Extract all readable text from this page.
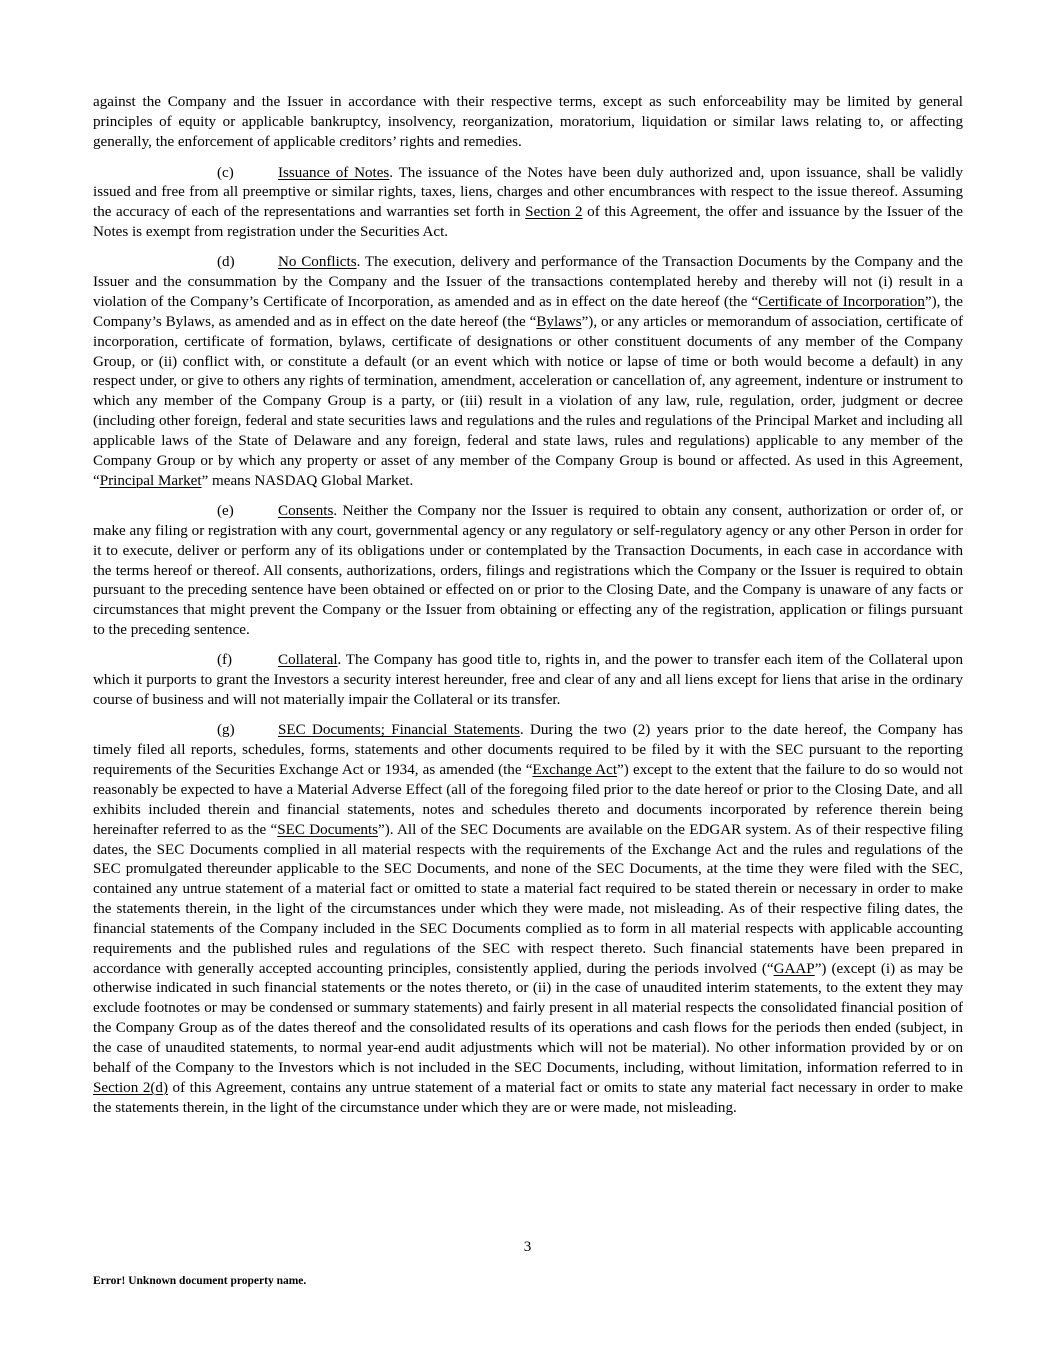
against the Company and the Issuer in accordance with their respective terms, except as such enforceability may be limited by general principles of equity or applicable bankruptcy, insolvency, reorganization, moratorium, liquidation or similar laws relating to, or affecting generally, the enforcement of applicable creditors’ rights and remedies.

(c)	Issuance of Notes. The issuance of the Notes have been duly authorized and, upon issuance, shall be validly issued and free from all preemptive or similar rights, taxes, liens, charges and other encumbrances with respect to the issue thereof. Assuming the accuracy of each of the representations and warranties set forth in Section 2 of this Agreement, the offer and issuance by the Issuer of the Notes is exempt from registration under the Securities Act.

(d)	No Conflicts. The execution, delivery and performance of the Transaction Documents by the Company and the Issuer and the consummation by the Company and the Issuer of the transactions contemplated hereby and thereby will not (i) result in a violation of the Company’s Certificate of Incorporation, as amended and as in effect on the date hereof (the “Certificate of Incorporation”), the Company’s Bylaws, as amended and as in effect on the date hereof (the “Bylaws”), or any articles or memorandum of association, certificate of incorporation, certificate of formation, bylaws, certificate of designations or other constituent documents of any member of the Company Group, or (ii) conflict with, or constitute a default (or an event which with notice or lapse of time or both would become a default) in any respect under, or give to others any rights of termination, amendment, acceleration or cancellation of, any agreement, indenture or instrument to which any member of the Company Group is a party, or (iii) result in a violation of any law, rule, regulation, order, judgment or decree (including other foreign, federal and state securities laws and regulations and the rules and regulations of the Principal Market and including all applicable laws of the State of Delaware and any foreign, federal and state laws, rules and regulations) applicable to any member of the Company Group or by which any property or asset of any member of the Company Group is bound or affected. As used in this Agreement, “Principal Market” means NASDAQ Global Market.

(e)	Consents. Neither the Company nor the Issuer is required to obtain any consent, authorization or order of, or make any filing or registration with any court, governmental agency or any regulatory or self-regulatory agency or any other Person in order for it to execute, deliver or perform any of its obligations under or contemplated by the Transaction Documents, in each case in accordance with the terms hereof or thereof. All consents, authorizations, orders, filings and registrations which the Company or the Issuer is required to obtain pursuant to the preceding sentence have been obtained or effected on or prior to the Closing Date, and the Company is unaware of any facts or circumstances that might prevent the Company or the Issuer from obtaining or effecting any of the registration, application or filings pursuant to the preceding sentence.

(f)	Collateral. The Company has good title to, rights in, and the power to transfer each item of the Collateral upon which it purports to grant the Investors a security interest hereunder, free and clear of any and all liens except for liens that arise in the ordinary course of business and will not materially impair the Collateral or its transfer.

(g)	SEC Documents; Financial Statements. During the two (2) years prior to the date hereof, the Company has timely filed all reports, schedules, forms, statements and other documents required to be filed by it with the SEC pursuant to the reporting requirements of the Securities Exchange Act or 1934, as amended (the “Exchange Act”) except to the extent that the failure to do so would not reasonably be expected to have a Material Adverse Effect (all of the foregoing filed prior to the date hereof or prior to the Closing Date, and all exhibits included therein and financial statements, notes and schedules thereto and documents incorporated by reference therein being hereinafter referred to as the “SEC Documents”). All of the SEC Documents are available on the EDGAR system. As of their respective filing dates, the SEC Documents complied in all material respects with the requirements of the Exchange Act and the rules and regulations of the SEC promulgated thereunder applicable to the SEC Documents, and none of the SEC Documents, at the time they were filed with the SEC, contained any untrue statement of a material fact or omitted to state a material fact required to be stated therein or necessary in order to make the statements therein, in the light of the circumstances under which they were made, not misleading. As of their respective filing dates, the financial statements of the Company included in the SEC Documents complied as to form in all material respects with applicable accounting requirements and the published rules and regulations of the SEC with respect thereto. Such financial statements have been prepared in accordance with generally accepted accounting principles, consistently applied, during the periods involved (“GAAP”) (except (i) as may be otherwise indicated in such financial statements or the notes thereto, or (ii) in the case of unaudited interim statements, to the extent they may exclude footnotes or may be condensed or summary statements) and fairly present in all material respects the consolidated financial position of the Company Group as of the dates thereof and the consolidated results of its operations and cash flows for the periods then ended (subject, in the case of unaudited statements, to normal year-end audit adjustments which will not be material). No other information provided by or on behalf of the Company to the Investors which is not included in the SEC Documents, including, without limitation, information referred to in Section 2(d) of this Agreement, contains any untrue statement of a material fact or omits to state any material fact necessary in order to make the statements therein, in the light of the circumstance under which they are or were made, not misleading.

3
Error! Unknown document property name.
